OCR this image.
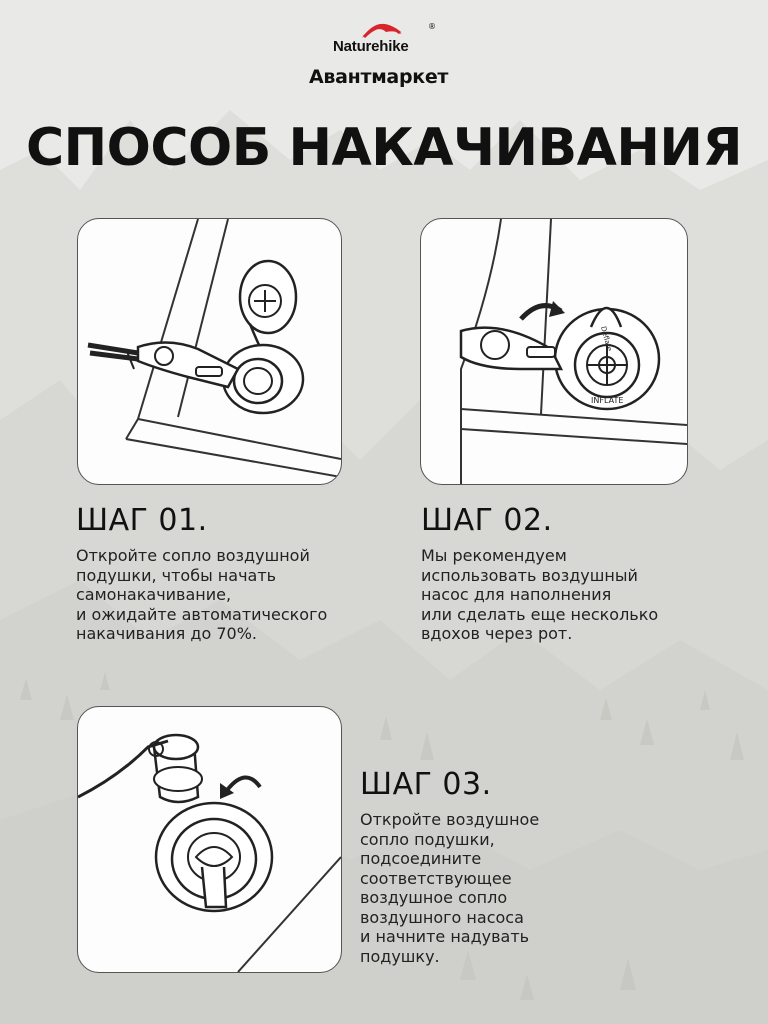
Naturehike
®
Авантмаркет
СПОСОБ НАКАЧИВАНИЯ
INFLATE
Deflate
ШАГ 01.
Откройте сопло воздушной
подушки, чтобы начать
самонакачивание,
и ожидайте автоматического
накачивания до 70%.
ШАГ 02.
Мы рекомендуем
использовать воздушный
насос для наполнения
или сделать еще несколько
вдохов через рот.
ШАГ 03.
Откройте воздушное
сопло подушки,
подсоедините
соответствующее
воздушное сопло
воздушного насоса
и начните надувать
подушку.
